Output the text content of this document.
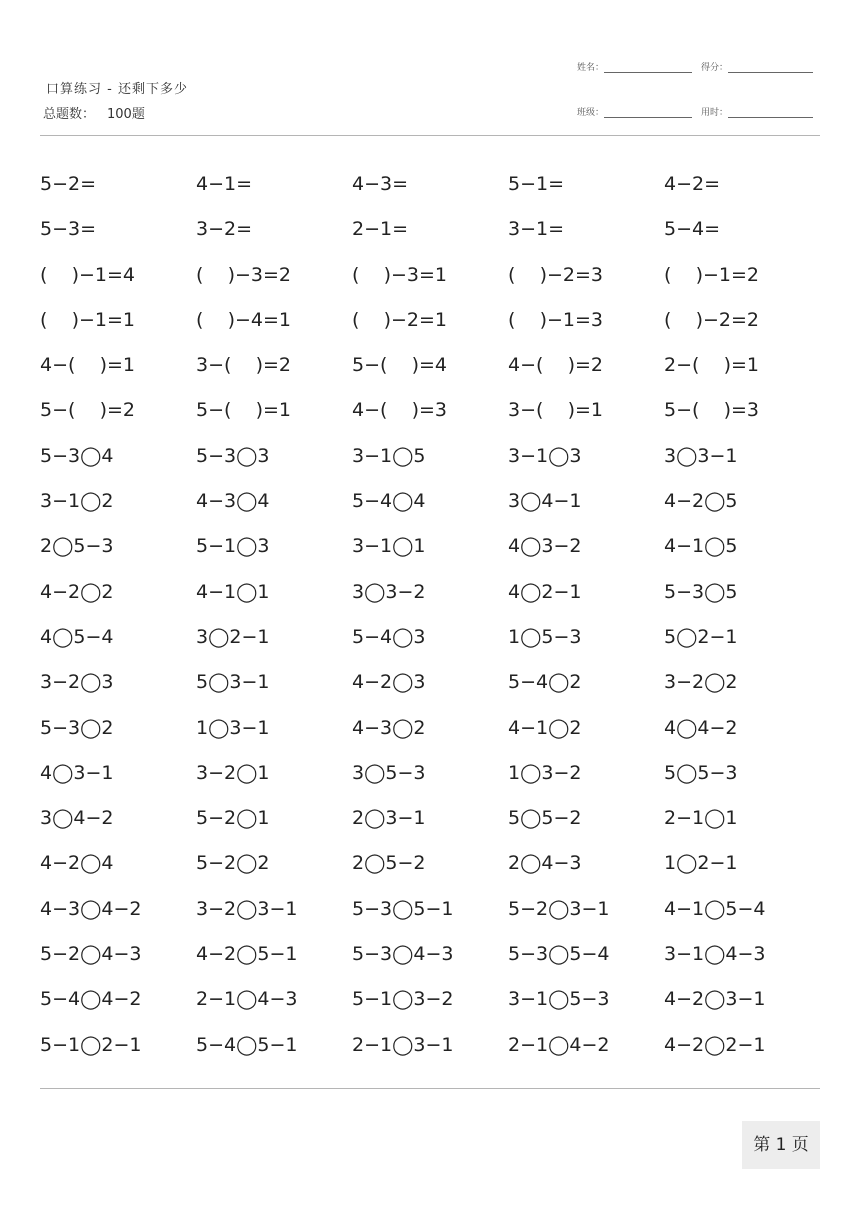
姓名：	得分：
班级：	用时：
口算练习 - 还剩下多少
总题数： 100题
5−2=	4−1=	4−3=	5−1=	4−2=
5−3=	3−2=	2−1=	3−1=	5−4=
(    )−1=4	(    )−3=2	(    )−3=1	(    )−2=3	(    )−1=2
(    )−1=1	(    )−4=1	(    )−2=1	(    )−1=3	(    )−2=2
4−(    )=1	3−(    )=2	5−(    )=4	4−(    )=2	2−(    )=1
5−(    )=2	5−(    )=1	4−(    )=3	3−(    )=1	5−(    )=3
5−3◯4	5−3◯3	3−1◯5	3−1◯3	3◯3−1
3−1◯2	4−3◯4	5−4◯4	3◯4−1	4−2◯5
2◯5−3	5−1◯3	3−1◯1	4◯3−2	4−1◯5
4−2◯2	4−1◯1	3◯3−2	4◯2−1	5−3◯5
4◯5−4	3◯2−1	5−4◯3	1◯5−3	5◯2−1
3−2◯3	5◯3−1	4−2◯3	5−4◯2	3−2◯2
5−3◯2	1◯3−1	4−3◯2	4−1◯2	4◯4−2
4◯3−1	3−2◯1	3◯5−3	1◯3−2	5◯5−3
3◯4−2	5−2◯1	2◯3−1	5◯5−2	2−1◯1
4−2◯4	5−2◯2	2◯5−2	2◯4−3	1◯2−1
4−3◯4−2	3−2◯3−1	5−3◯5−1	5−2◯3−1	4−1◯5−4
5−2◯4−3	4−2◯5−1	5−3◯4−3	5−3◯5−4	3−1◯4−3
5−4◯4−2	2−1◯4−3	5−1◯3−2	3−1◯5−3	4−2◯3−1
5−1◯2−1	5−4◯5−1	2−1◯3−1	2−1◯4−2	4−2◯2−1
第 1 页
